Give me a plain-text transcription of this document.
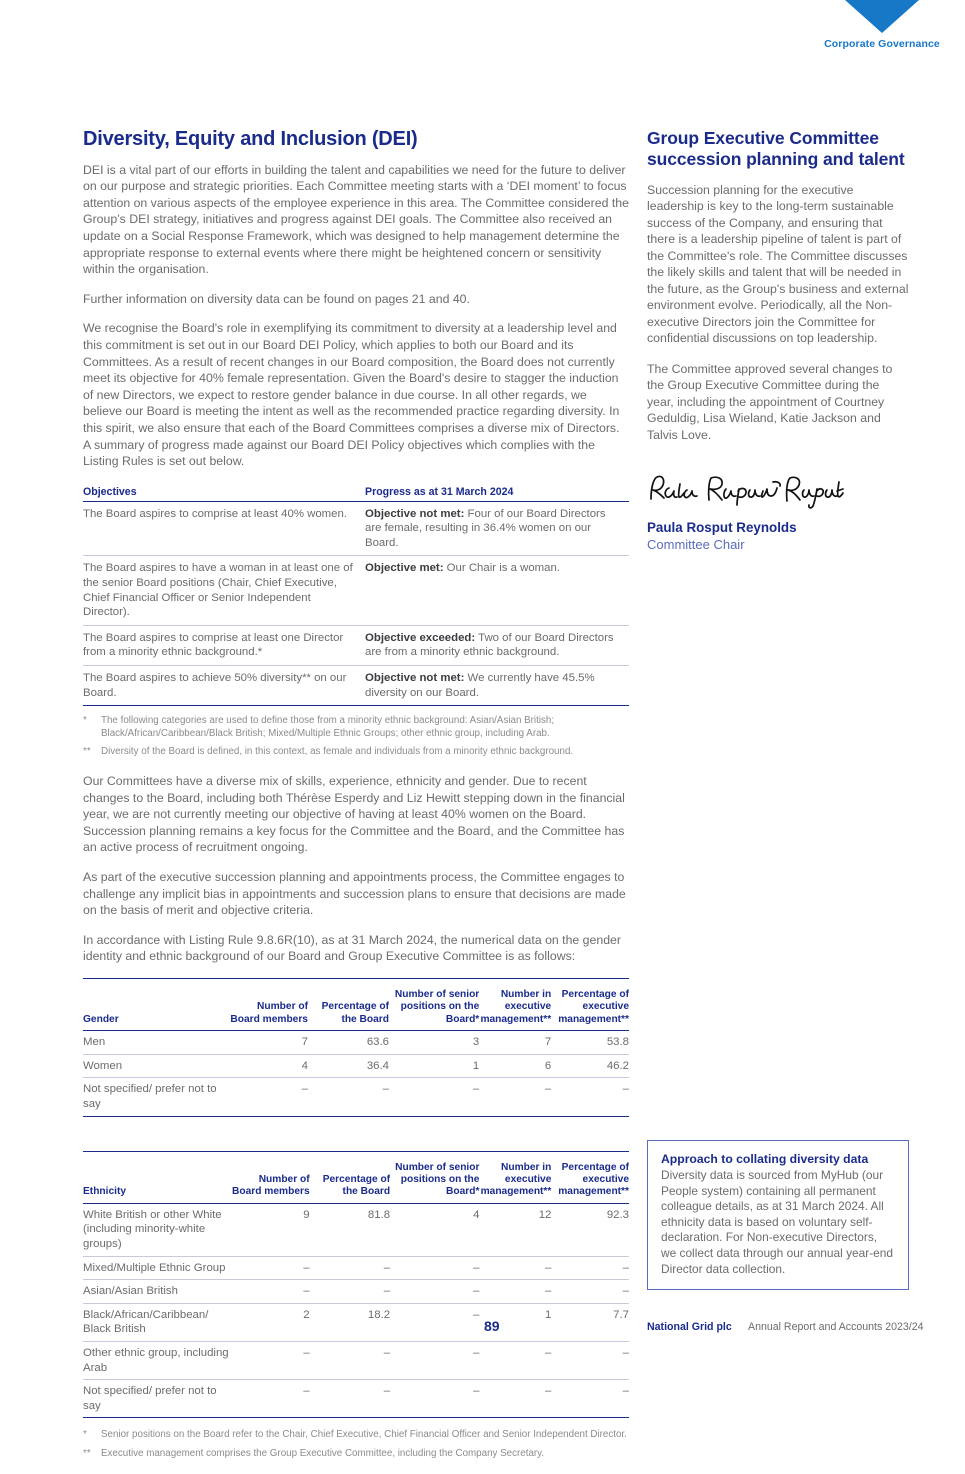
Corporate Governance
Diversity, Equity and Inclusion (DEI)

DEI is a vital part of our efforts in building the talent and capabilities we need for the future to deliver on our purpose and strategic priorities. Each Committee meeting starts with a ‘DEI moment’ to focus attention on various aspects of the employee experience in this area. The Committee considered the Group’s DEI strategy, initiatives and progress against DEI goals. The Committee also received an update on a Social Response Framework, which was designed to help management determine the appropriate response to external events where there might be heightened concern or sensitivity within the organisation.

Further information on diversity data can be found on pages 21 and 40.

We recognise the Board's role in exemplifying its commitment to diversity at a leadership level and this commitment is set out in our Board DEI Policy, which applies to both our Board and its Committees. As a result of recent changes in our Board composition, the Board does not currently meet its objective for 40% female representation. Given the Board's desire to stagger the induction of new Directors, we expect to restore gender balance in due course. In all other regards, we believe our Board is meeting the intent as well as the recommended practice regarding diversity. In this spirit, we also ensure that each of the Board Committees comprises a diverse mix of Directors. A summary of progress made against our Board DEI Policy objectives which complies with the Listing Rules is set out below.

Objectives	Progress as at 31 March 2024
The Board aspires to comprise at least 40% women.	Objective not met: Four of our Board Directors are female, resulting in 36.4% women on our Board.
The Board aspires to have a woman in at least one of the senior Board positions (Chair, Chief Executive, Chief Financial Officer or Senior Independent Director).	Objective met: Our Chair is a woman.
The Board aspires to comprise at least one Director from a minority ethnic background.*	Objective exceeded: Two of our Board Directors are from a minority ethnic background.
The Board aspires to achieve 50% diversity** on our Board.	Objective not met: We currently have 45.5% diversity on our Board.
*	The following categories are used to define those from a minority ethnic background: Asian/Asian British; Black/African/Caribbean/Black British; Mixed/Multiple Ethnic Groups; other ethnic group, including Arab.
**	Diversity of the Board is defined, in this context, as female and individuals from a minority ethnic background.

Our Committees have a diverse mix of skills, experience, ethnicity and gender. Due to recent changes to the Board, including both Thérèse Esperdy and Liz Hewitt stepping down in the financial year, we are not currently meeting our objective of having at least 40% women on the Board. Succession planning remains a key focus for the Committee and the Board, and the Committee has an active process of recruitment ongoing.

As part of the executive succession planning and appointments process, the Committee engages to challenge any implicit bias in appointments and succession plans to ensure that decisions are made on the basis of merit and objective criteria.

In accordance with Listing Rule 9.8.6R(10), as at 31 March 2024, the numerical data on the gender identity and ethnic background of our Board and Group Executive Committee is as follows:

Gender	Number of Board members	Percentage of the Board	Number of senior positions on the Board*	Number in executive management**	Percentage of executive management**
Men	7	63.6	3	7	53.8
Women	4	36.4	1	6	46.2
Not specified/ prefer not to say	–	–	–	–	–

Ethnicity	Number of Board members	Percentage of the Board	Number of senior positions on the Board*	Number in executive management**	Percentage of executive management**
White British or other White (including minority-white groups)	9	81.8	4	12	92.3
Mixed/Multiple Ethnic Group	–	–	–	–	–
Asian/Asian British	–	–	–	–	–
Black/African/Caribbean/ Black British	2	18.2	–	1	7.7
Other ethnic group, including Arab	–	–	–	–	–
Not specified/ prefer not to say	–	–	–	–	–
*	Senior positions on the Board refer to the Chair, Chief Executive, Chief Financial Officer and Senior Independent Director.
**	Executive management comprises the Group Executive Committee, including the Company Secretary.
Group Executive Committee succession planning and talent

Succession planning for the executive leadership is key to the long-term sustainable success of the Company, and ensuring that there is a leadership pipeline of talent is part of the Committee's role. The Committee discusses the likely skills and talent that will be needed in the future, as the Group's business and external environment evolve. Periodically, all the Non-executive Directors join the Committee for confidential discussions on top leadership.

The Committee approved several changes to the Group Executive Committee during the year, including the appointment of Courtney Geduldig, Lisa Wieland, Katie Jackson and Talvis Love.

Paula Rosput Reynolds
Committee Chair
Approach to collating diversity data

Diversity data is sourced from MyHub (our People system) containing all permanent colleague details, as at 31 March 2024. All ethnicity data is based on voluntary self-declaration. For Non-executive Directors, we collect data through our annual year-end Director data collection.

89	National Grid plc Annual Report and Accounts 2023/24
